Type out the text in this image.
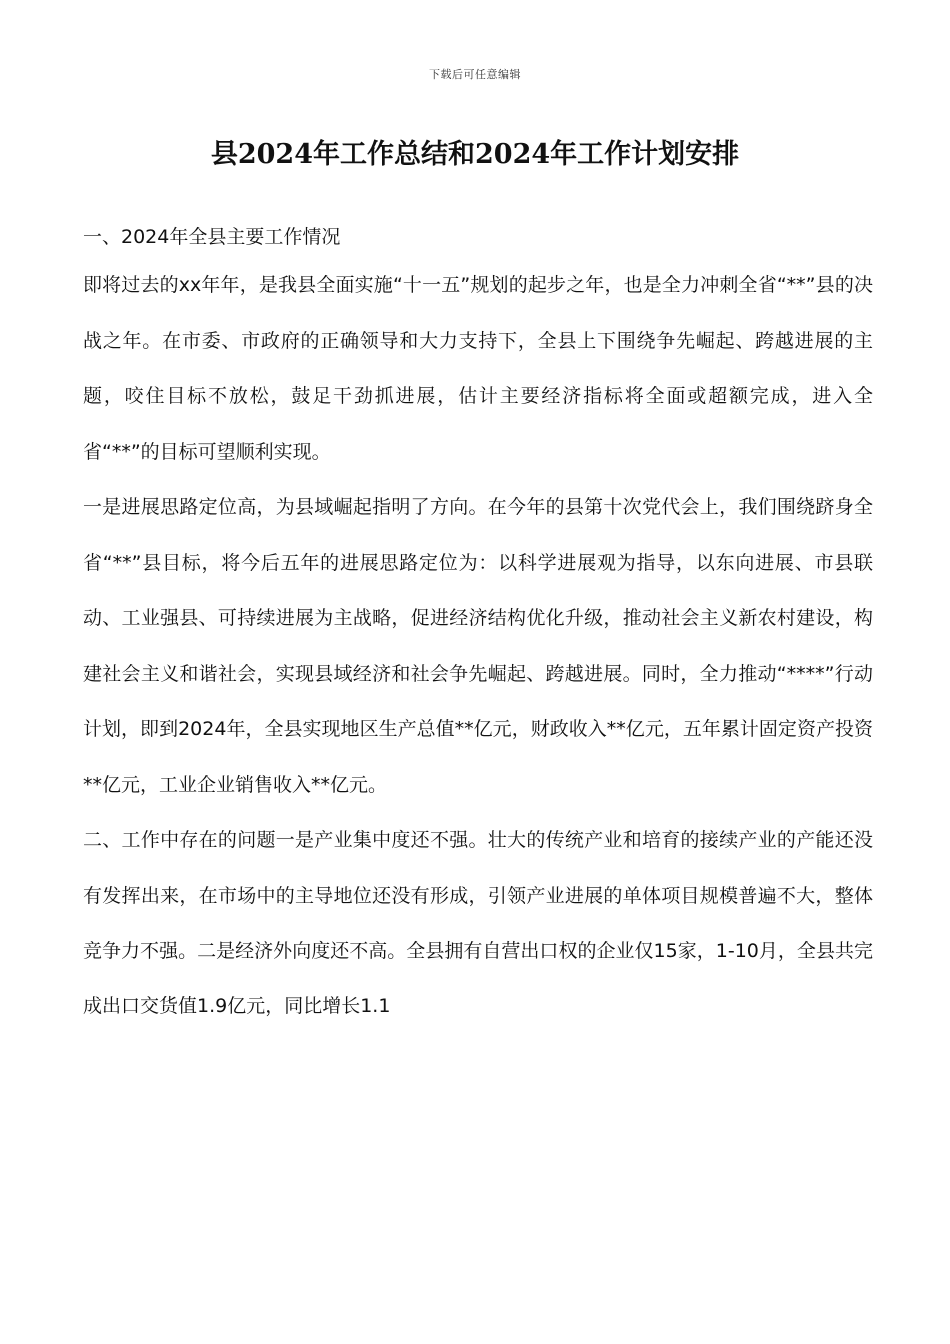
下载后可任意编辑
县2024年工作总结和2024年工作计划安排

一、2024年全县主要工作情况

即将过去的xx年年，是我县全面实施“十一五”规划的起步之年，也是全力冲刺全省“**”县的决战之年。在市委、市政府的正确领导和大力支持下，全县上下围绕争先崛起、跨越进展的主题，咬住目标不放松，鼓足干劲抓进展，估计主要经济指标将全面或超额完成，进入全省“**”的目标可望顺利实现。

一是进展思路定位高，为县域崛起指明了方向。在今年的县第十次党代会上，我们围绕跻身全省“**”县目标，将今后五年的进展思路定位为：以科学进展观为指导，以东向进展、市县联动、工业强县、可持续进展为主战略，促进经济结构优化升级，推动社会主义新农村建设，构建社会主义和谐社会，实现县域经济和社会争先崛起、跨越进展。同时，全力推动“****”行动计划，即到2024年，全县实现地区生产总值**亿元，财政收入**亿元，五年累计固定资产投资**亿元，工业企业销售收入**亿元。

二、工作中存在的问题一是产业集中度还不强。壮大的传统产业和培育的接续产业的产能还没有发挥出来，在市场中的主导地位还没有形成，引领产业进展的单体项目规模普遍不大，整体竞争力不强。二是经济外向度还不高。全县拥有自营出口权的企业仅15家，1-10月，全县共完成出口交货值1.9亿元，同比增长1.1
